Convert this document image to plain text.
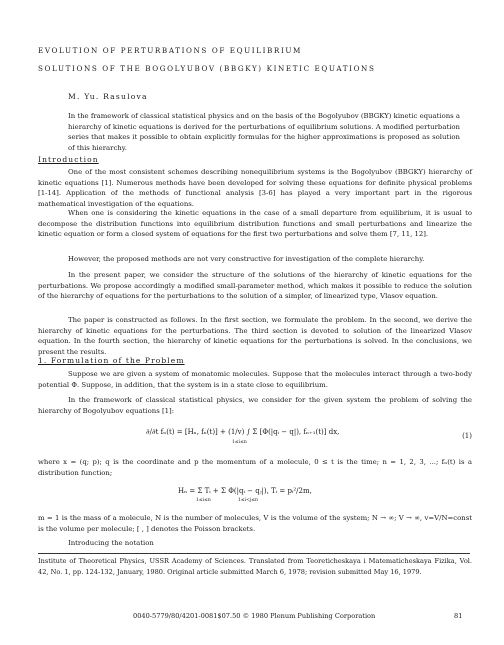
EVOLUTION OF PERTURBATIONS OF EQUILIBRIUM
SOLUTIONS OF THE BOGOLYUBOV (BBGKY) KINETIC EQUATIONS
M. Yu. Rasulova

In the framework of classical statistical physics and on the basis of the Bogolyubov (BBGKY) kinetic equations a hierarchy of kinetic equations is derived for the perturbations of equilibrium solutions. A modified perturbation series that makes it possible to obtain explicitly formulas for the higher approximations is proposed as solution of this hierarchy.

Introduction

One of the most consistent schemes describing nonequilibrium systems is the Bogolyubov (BBGKY) hierarchy of kinetic equations [1]. Numerous methods have been developed for solving these equations for definite physical problems [1-14]. Application of the methods of functional analysis [3-6] has played a very important part in the rigorous mathematical investigation of the equations.

When one is considering the kinetic equations in the case of a small departure from equilibrium, it is usual to decompose the distribution functions into equilibrium distribution functions and small perturbations and linearize the kinetic equation or form a closed system of equations for the first two perturbations and solve them [7, 11, 12].

However, the proposed methods are not very constructive for investigation of the complete hierarchy.

In the present paper, we consider the structure of the solutions of the hierarchy of kinetic equations for the perturbations. We propose accordingly a modified small-parameter method, which makes it possible to reduce the solution of the hierarchy of equations for the perturbations to the solution of a simpler, of linearized type, Vlasov equation.

The paper is constructed as follows. In the first section, we formulate the problem. In the second, we derive the hierarchy of kinetic equations for the perturbations. The third section is devoted to solution of the linearized Vlasov equation. In the fourth section, the hierarchy of kinetic equations for the perturbations is solved. In the conclusions, we present the results.

1. Formulation of the Problem

Suppose we are given a system of monatomic molecules. Suppose that the molecules interact through a two-body potential Φ. Suppose, in addition, that the system is in a state close to equilibrium.

In the framework of classical statistical physics, we consider for the given system the problem of solving the hierarchy of Bogolyubov equations [1]:

∂/∂t fₙ(t) = [Hₙ, fₙ(t)] + (1/v) ∫ Σ [Φ(|qᵢ − q|), fₙ₊₁(t)] dx,
1≤i≤n
(1)

where x = (q; p); q is the coordinate and p the momentum of a molecule, 0 ≤ t is the time; n = 1, 2, 3, ...; fₙ(t) is a distribution function;

Hₙ = Σ Tᵢ + Σ Φ(|qᵢ − qⱼ|), Tᵢ = pᵢ²/2m,
1≤i≤n	1≤i<j≤n

m = 1 is the mass of a molecule, N is the number of molecules, V is the volume of the system; N → ∞; V → ∞, v=V/N=const is the volume per molecule; [ , ] denotes the Poisson brackets.

Introducing the notation

Institute of Theoretical Physics, USSR Academy of Sciences. Translated from Teoreticheskaya i Matematicheskaya Fizika, Vol. 42, No. 1, pp. 124-132, January, 1980. Original article submitted March 6, 1978; revision submitted May 16, 1979.

0040-5779/80/4201-0081$07.50 © 1980 Plenum Publishing Corporation	81
